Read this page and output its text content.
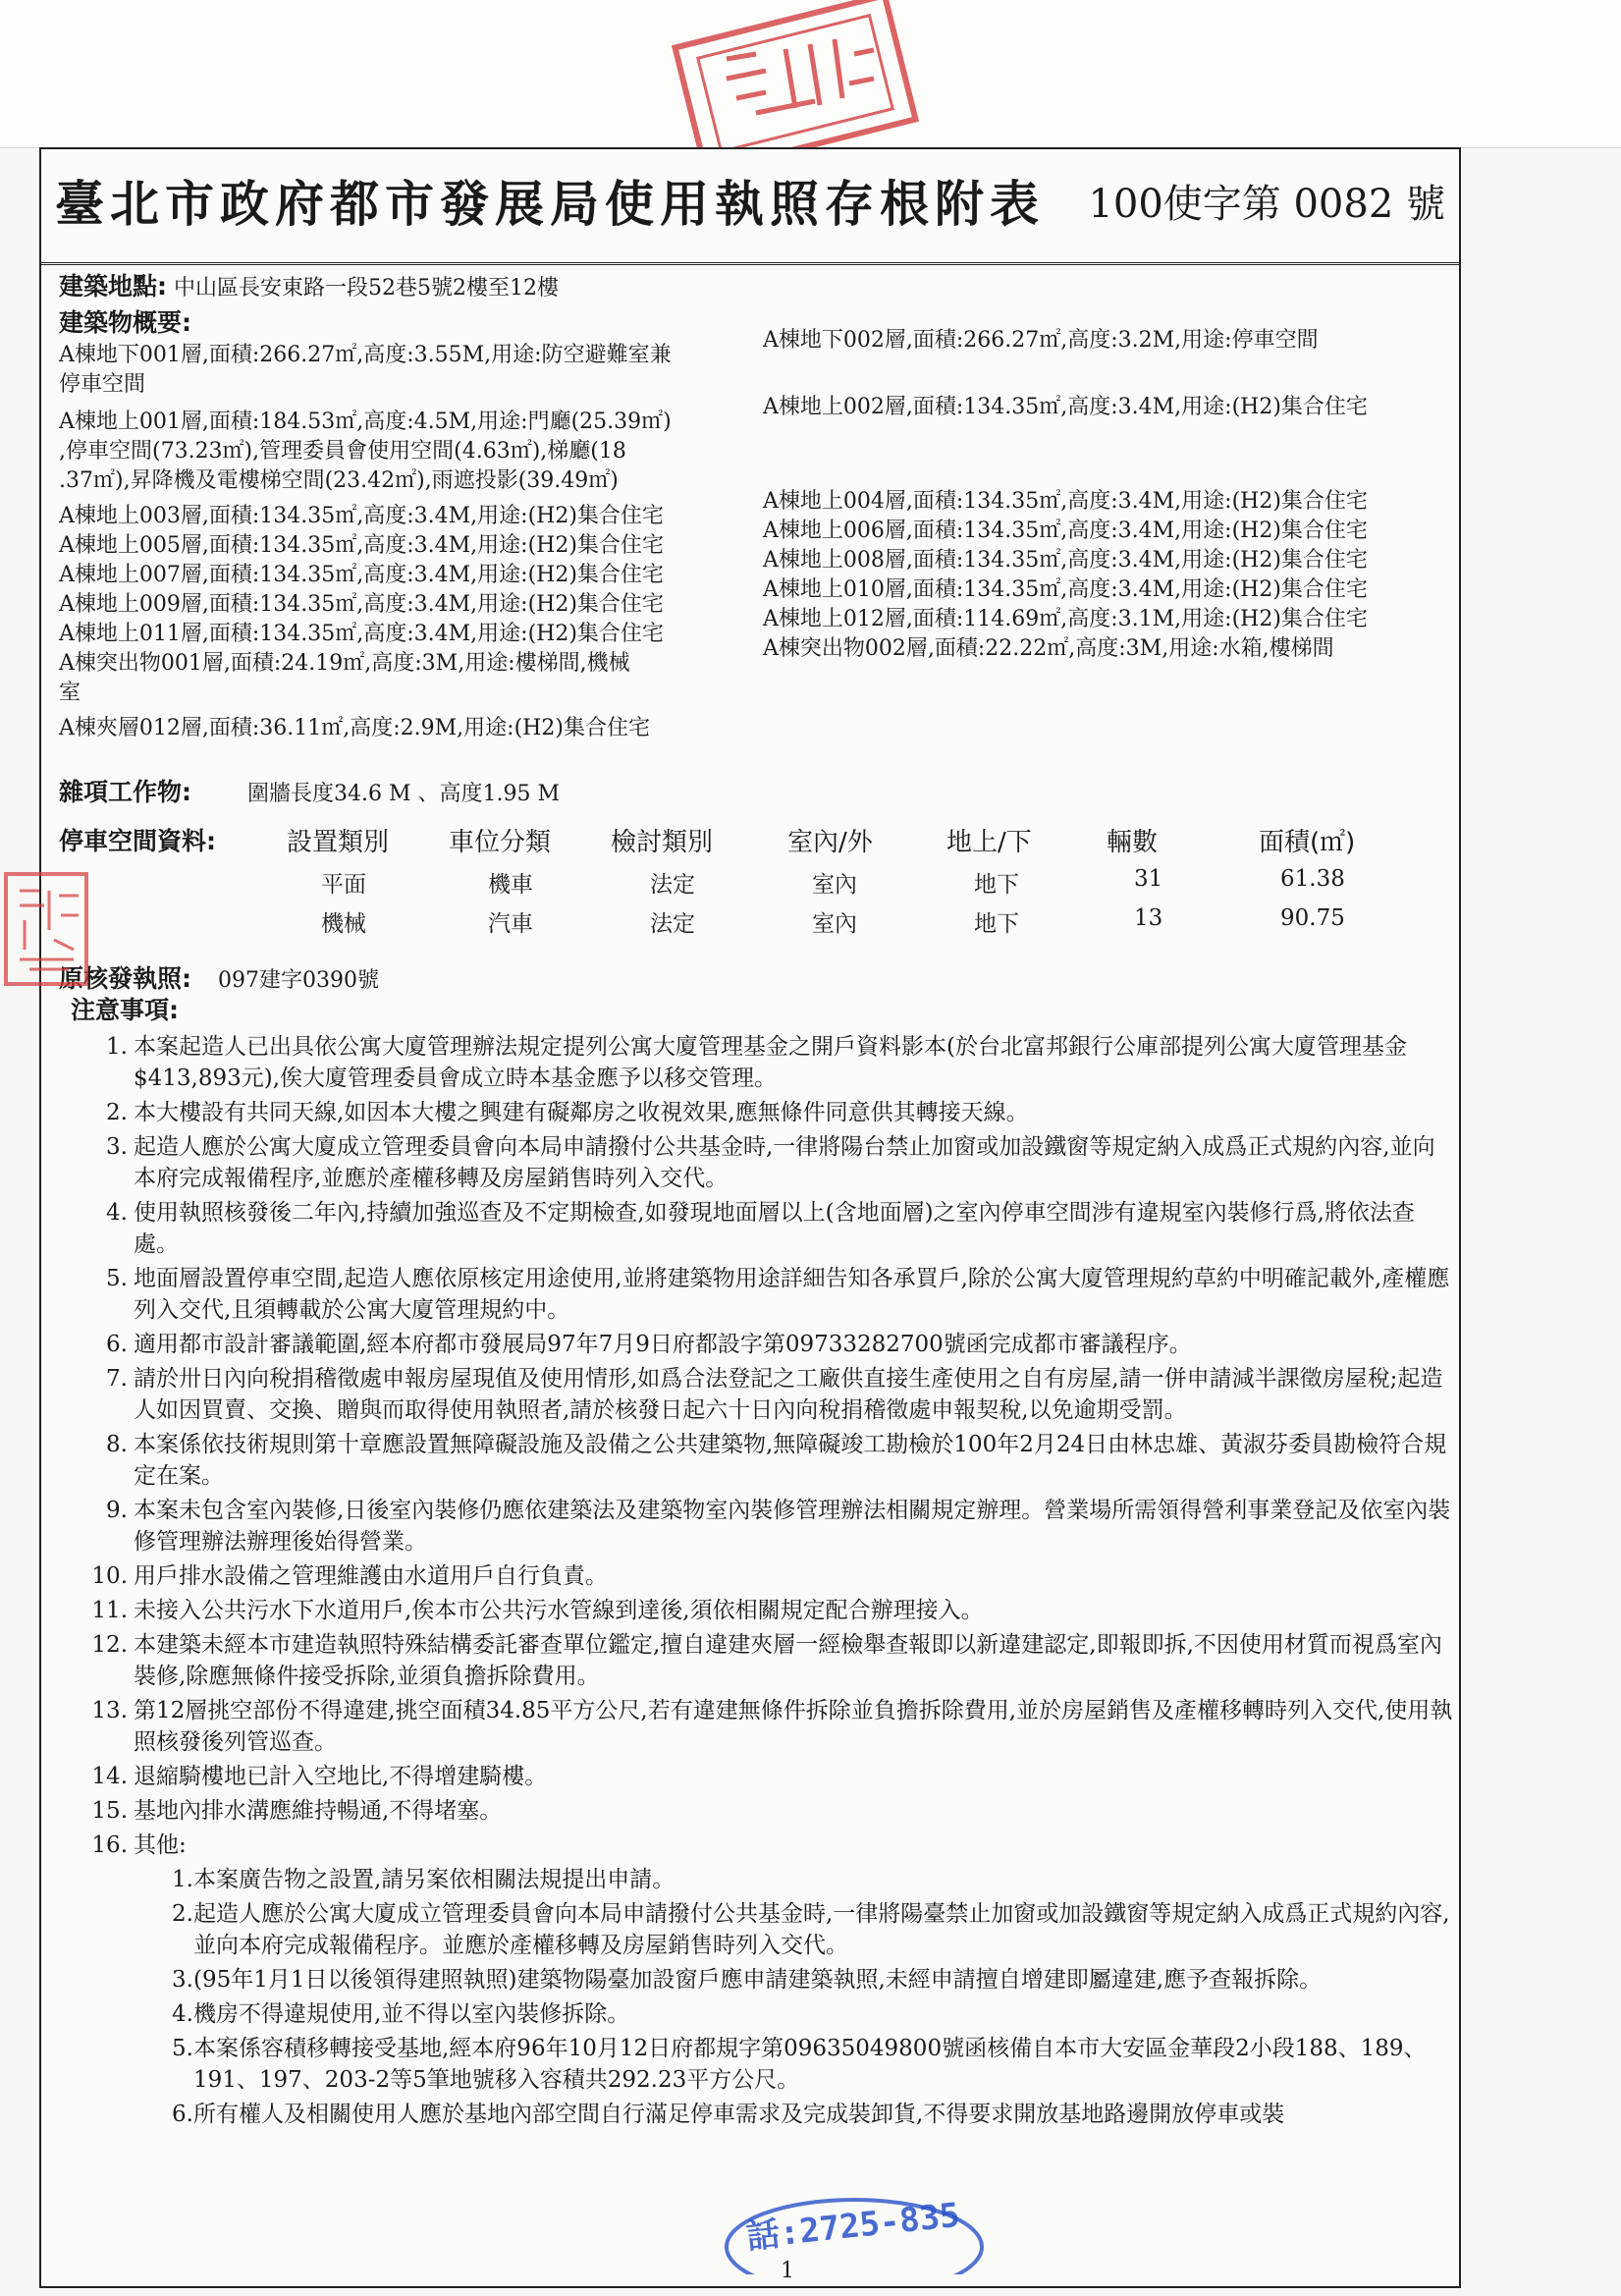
臺北市政府都市發展局使用執照存根附表 100使字第 0082 號
建築地點: 中山區長安東路一段52巷5號2樓至12樓
建築物概要:
A棟地下001層,面積:266.27㎡,高度:3.55M,用途:防空避難室兼
停車空間
A棟地上001層,面積:184.53㎡,高度:4.5M,用途:門廳(25.39㎡)
,停車空間(73.23㎡),管理委員會使用空間(4.63㎡),梯廳(18
.37㎡),昇降機及電樓梯空間(23.42㎡),雨遮投影(39.49㎡)
A棟地上003層,面積:134.35㎡,高度:3.4M,用途:(H2)集合住宅
A棟地上005層,面積:134.35㎡,高度:3.4M,用途:(H2)集合住宅
A棟地上007層,面積:134.35㎡,高度:3.4M,用途:(H2)集合住宅
A棟地上009層,面積:134.35㎡,高度:3.4M,用途:(H2)集合住宅
A棟地上011層,面積:134.35㎡,高度:3.4M,用途:(H2)集合住宅
A棟突出物001層,面積:24.19㎡,高度:3M,用途:樓梯間,機械
室
A棟夾層012層,面積:36.11㎡,高度:2.9M,用途:(H2)集合住宅
A棟地下002層,面積:266.27㎡,高度:3.2M,用途:停車空間
A棟地上002層,面積:134.35㎡,高度:3.4M,用途:(H2)集合住宅
A棟地上004層,面積:134.35㎡,高度:3.4M,用途:(H2)集合住宅
A棟地上006層,面積:134.35㎡,高度:3.4M,用途:(H2)集合住宅
A棟地上008層,面積:134.35㎡,高度:3.4M,用途:(H2)集合住宅
A棟地上010層,面積:134.35㎡,高度:3.4M,用途:(H2)集合住宅
A棟地上012層,面積:114.69㎡,高度:3.1M,用途:(H2)集合住宅
A棟突出物002層,面積:22.22㎡,高度:3M,用途:水箱,樓梯間
雜項工作物:	圍牆長度34.6 M 、高度1.95 M
停車空間資料:	設置類別 車位分類 檢討類別	室內/外	地上/下	輛數	面積(㎡)
平面	機車	法定	室內	地下	31	61.38
機械	汽車	法定	室內	地下	13	90.75
原核發執照: 097建字0390號
注意事項:
1. 本案起造人已出具依公寓大廈管理辦法規定提列公寓大廈管理基金之開戶資料影本(於台北富邦銀行公庫部提列公寓大廈管理基金$413,893元),俟大廈管理委員會成立時本基金應予以移交管理。
2. 本大樓設有共同天線,如因本大樓之興建有礙鄰房之收視效果,應無條件同意供其轉接天線。
3. 起造人應於公寓大廈成立管理委員會向本局申請撥付公共基金時,一律將陽台禁止加窗或加設鐵窗等規定納入成爲正式規約內容,並向本府完成報備程序,並應於產權移轉及房屋銷售時列入交代。
4. 使用執照核發後二年內,持續加強巡查及不定期檢查,如發現地面層以上(含地面層)之室內停車空間涉有違規室內裝修行爲,將依法查處。
5. 地面層設置停車空間,起造人應依原核定用途使用,並將建築物用途詳細告知各承買戶,除於公寓大廈管理規約草約中明確記載外,產權應列入交代,且須轉載於公寓大廈管理規約中。
6. 適用都市設計審議範圍,經本府都市發展局97年7月9日府都設字第09733282700號函完成都市審議程序。
7. 請於卅日內向稅捐稽徵處申報房屋現值及使用情形,如爲合法登記之工廠供直接生產使用之自有房屋,請一併申請減半課徵房屋稅;起造人如因買賣、交換、贈與而取得使用執照者,請於核發日起六十日內向稅捐稽徵處申報契稅,以免逾期受罰。
8. 本案係依技術規則第十章應設置無障礙設施及設備之公共建築物,無障礙竣工勘檢於100年2月24日由林忠雄、黃淑芬委員勘檢符合規定在案。
9. 本案未包含室內裝修,日後室內裝修仍應依建築法及建築物室內裝修管理辦法相關規定辦理。營業場所需領得營利事業登記及依室內裝修管理辦法辦理後始得營業。
10. 用戶排水設備之管理維護由水道用戶自行負責。
11. 未接入公共污水下水道用戶,俟本市公共污水管線到達後,須依相關規定配合辦理接入。
12. 本建築未經本市建造執照特殊結構委託審查單位鑑定,擅自違建夾層一經檢舉查報即以新違建認定,即報即拆,不因使用材質而視爲室內裝修,除應無條件接受拆除,並須負擔拆除費用。
13. 第12層挑空部份不得違建,挑空面積34.85平方公尺,若有違建無條件拆除並負擔拆除費用,並於房屋銷售及產權移轉時列入交代,使用執照核發後列管巡查。
14. 退縮騎樓地已計入空地比,不得增建騎樓。
15. 基地內排水溝應維持暢通,不得堵塞。
16. 其他:
1. 本案廣告物之設置,請另案依相關法規提出申請。
2. 起造人應於公寓大廈成立管理委員會向本局申請撥付公共基金時,一律將陽臺禁止加窗或加設鐵窗等規定納入成爲正式規約內容,並向本府完成報備程序。並應於產權移轉及房屋銷售時列入交代。
3. (95年1月1日以後領得建照執照)建築物陽臺加設窗戶應申請建築執照,未經申請擅自增建即屬違建,應予查報拆除。
4. 機房不得違規使用,並不得以室內裝修拆除。
5. 本案係容積移轉接受基地,經本府96年10月12日府都規字第09635049800號函核備自本市大安區金華段2小段188、189、191、197、203-2等5筆地號移入容積共292.23平方公尺。
6. 所有權人及相關使用人應於基地內部空間自行滿足停車需求及完成裝卸貨,不得要求開放基地路邊開放停車或裝
話:2725-835
1
